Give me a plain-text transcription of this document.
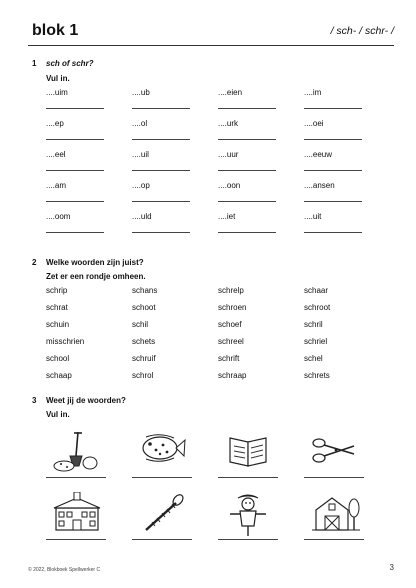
blok 1	/ sch- / schr- /
1 sch of schr?
Vul in.
....uim	....ub	....eien	....im
....ep	....ol	....urk	....oei
....eel	....uil	....uur	....eeuw
....am	....op	....oon	....ansen
....oom	....uld	....iet	....uit
2 Welke woorden zijn juist?
Zet er een rondje omheen.
schrip	schans	schrelp	schaar
schrat	schoot	schroen	schroot
schuin	schil	schoef	schril
misschrien	schets	schreel	schriel
school	schruif	schrift	schel
schaap	schrol	schraap	schrets
3 Weet jij de woorden?
Vul in.
© 2022, Blokboek Spellwerker C	3
